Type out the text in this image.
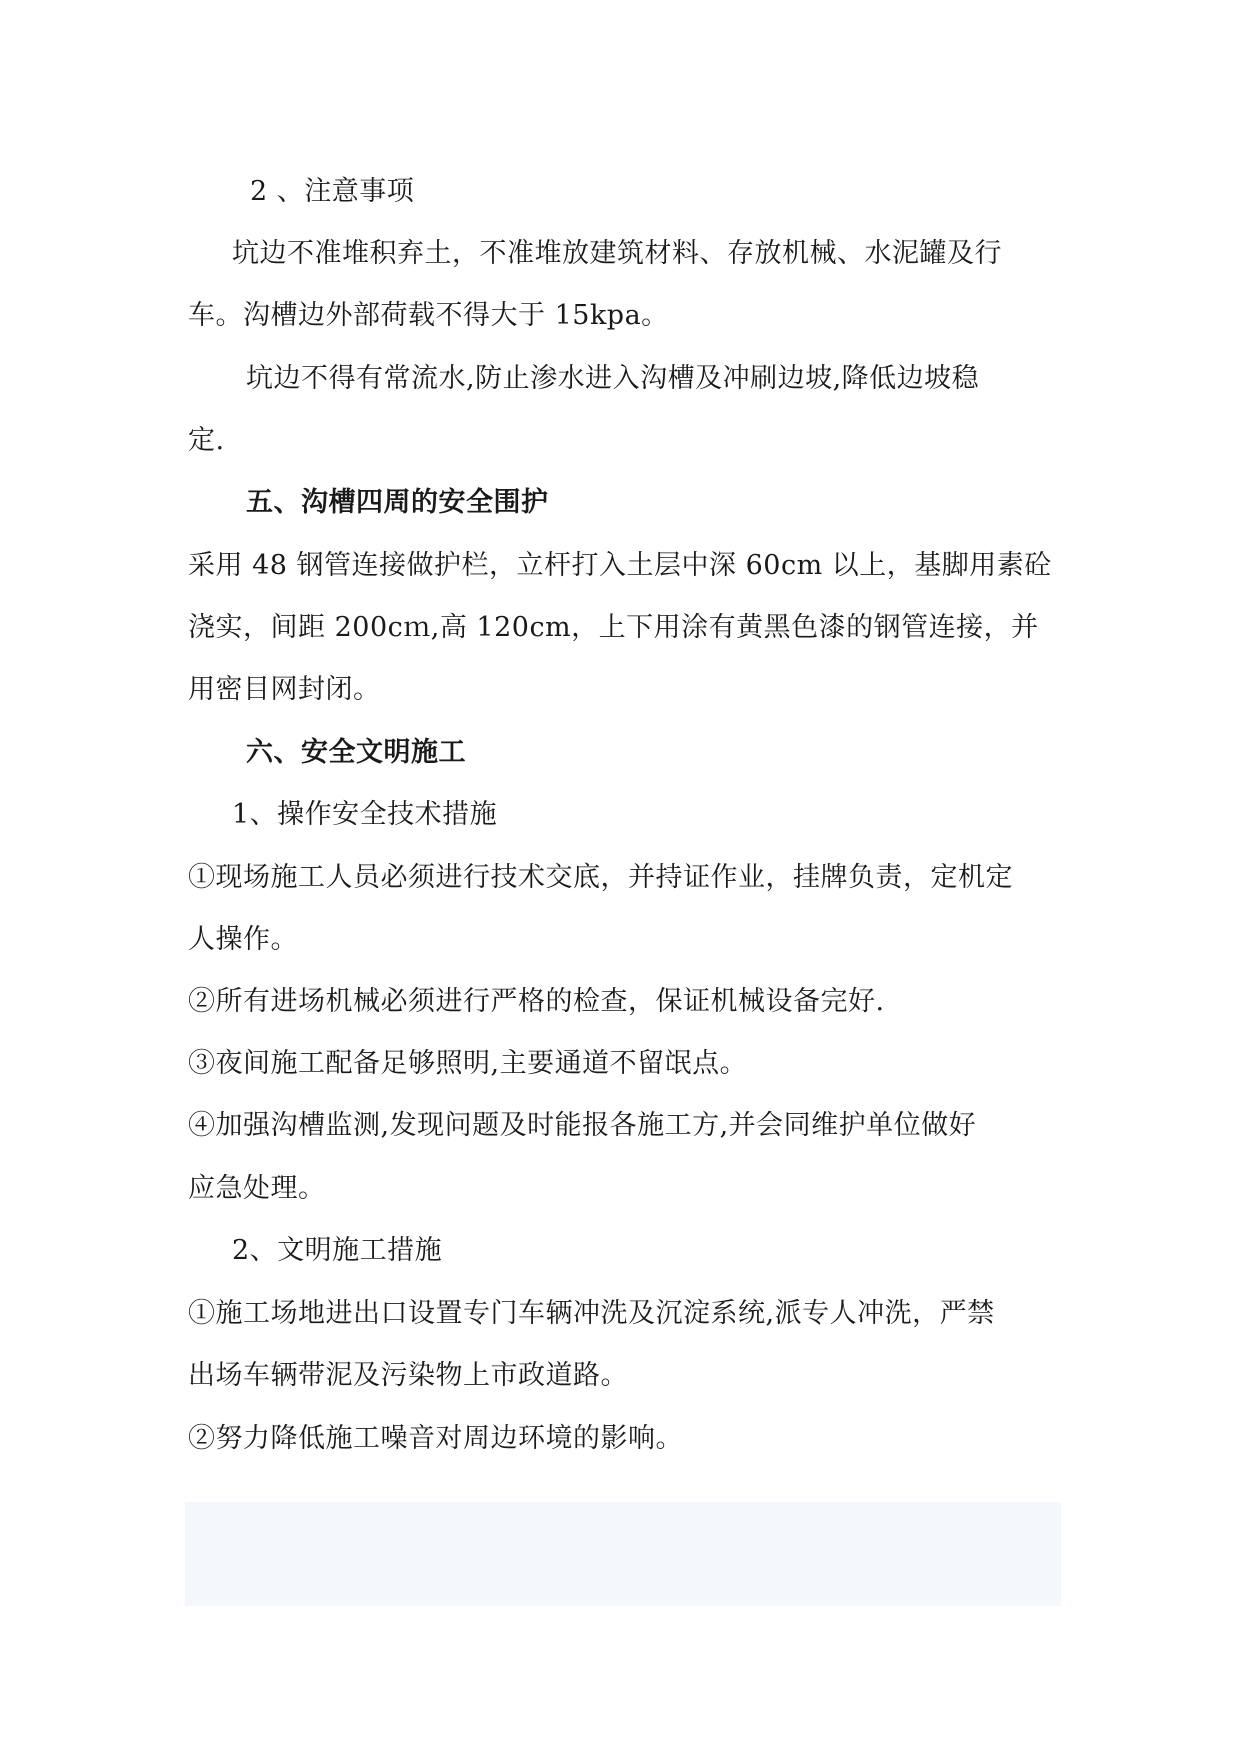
2 、注意事项
坑边不准堆积弃土，不准堆放建筑材料、存放机械、水泥罐及行
车。沟槽边外部荷载不得大于 15kpa。
坑边不得有常流水,防止渗水进入沟槽及冲刷边坡,降低边坡稳
定.
五、沟槽四周的安全围护
采用 48 钢管连接做护栏，立杆打入土层中深 60cm 以上，基脚用素砼
浇实，间距 200cｍ,高 120cm，上下用涂有黄黑色漆的钢管连接，并
用密目网封闭。
六、安全文明施工
1、操作安全技术措施
①现场施工人员必须进行技术交底，并持证作业，挂牌负责，定机定
人操作。
②所有进场机械必须进行严格的检查，保证机械设备完好.
③夜间施工配备足够照明,主要通道不留氓点。
④加强沟槽监测,发现问题及时能报各施工方,并会同维护单位做好
应急处理。
2、文明施工措施
①施工场地进出口设置专门车辆冲洗及沉淀系统,派专人冲洗，严禁
出场车辆带泥及污染物上市政道路。
②努力降低施工噪音对周边环境的影响。
